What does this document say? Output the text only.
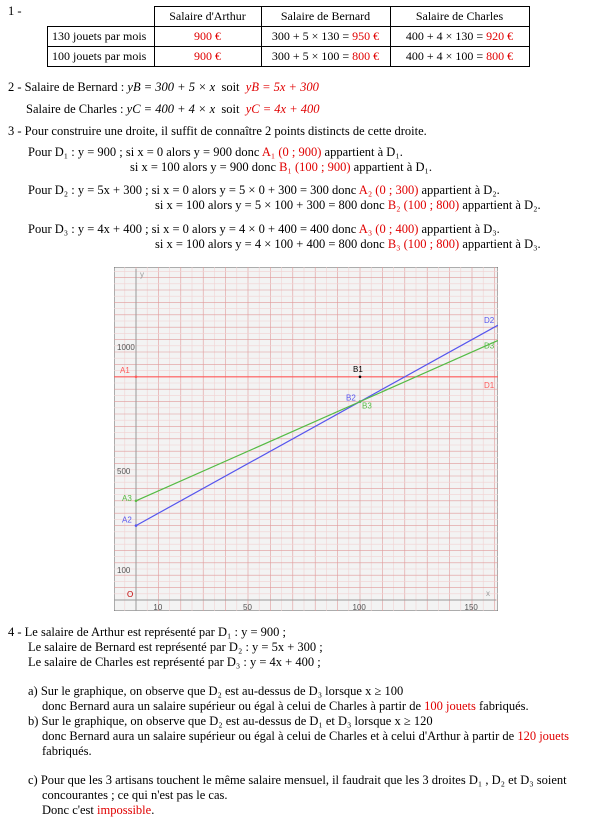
1 -
		Salaire d'Arthur	Salaire de Bernard	Salaire de Charles
130 jouets par mois	900 €	300 + 5 × 130 = 950 €	400 + 4 × 130 = 920 €
100 jouets par mois	900 €	300 + 5 × 100 = 800 €	400 + 4 × 100 = 800 €
2 - Salaire de Bernard : yB = 300 + 5 × x  soit  yB = 5x + 300
Salaire de Charles : yC = 400 + 4 × x  soit  yC = 4x + 400
3 - Pour construire une droite, il suffit de connaître 2 points distincts de cette droite.
Pour D₁ : y = 900 ; si x = 0 alors y = 900 donc A₁ (0 ; 900) appartient à D₁.
si x = 100 alors y = 900 donc B₁ (100 ; 900) appartient à D₁.
Pour D₂ : y = 5x + 300 ; si x = 0 alors y = 5 × 0 + 300 = 300 donc A₂ (0 ; 300) appartient à D₂.
si x = 100 alors y = 5 × 100 + 300 = 800 donc B₂ (100 ; 800) appartient à D₂.
Pour D₃ : y = 4x + 400 ; si x = 0 alors y = 4 × 0 + 400 = 400 donc A₃ (0 ; 400) appartient à D₃.
si x = 100 alors y = 4 × 100 + 400 = 800 donc B₃ (100 ; 800) appartient à D₃.
y
x
O
10	50	100	150
100
500
1000
D1
D2
D3
A1
A2
A3
B1
B2
B3
4 - Le salaire de Arthur est représenté par D₁ : y = 900 ;
Le salaire de Bernard est représenté par D₂ : y = 5x + 300 ;
Le salaire de Charles est représenté par D₃ : y = 4x + 400 ;
a) Sur le graphique, on observe que D₂ est au-dessus de D₃ lorsque x ≥ 100
donc Bernard aura un salaire supérieur ou égal à celui de Charles à partir de 100 jouets fabriqués.
b) Sur le graphique, on observe que D₂ est au-dessus de D₁ et D₃ lorsque x ≥ 120
donc Bernard aura un salaire supérieur ou égal à celui de Charles et à celui d'Arthur à partir de 120 jouets
fabriqués.
c) Pour que les 3 artisans touchent le même salaire mensuel, il faudrait que les 3 droites D₁ , D₂ et D₃ soient
concourantes ; ce qui n'est pas le cas.
Donc c'est impossible.
